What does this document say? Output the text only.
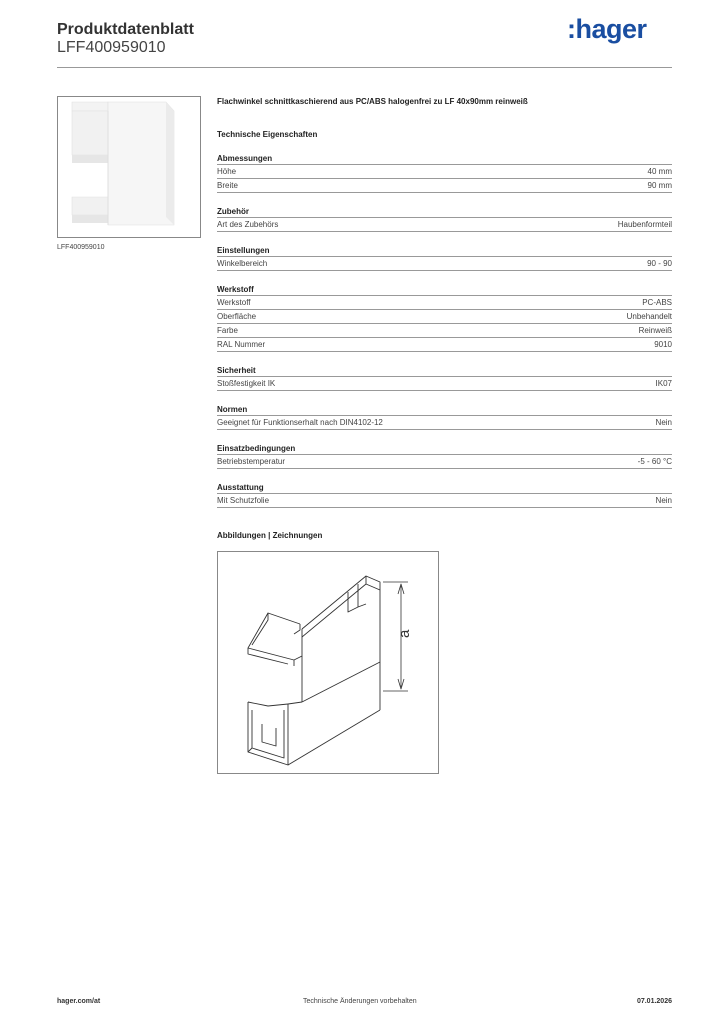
Produktdatenblatt
LFF400959010
:hager
LFF400959010
Flachwinkel schnittkaschierend aus PC/ABS halogenfrei zu LF 40x90mm reinweiß
Technische Eigenschaften
Abmessungen
Höhe	40 mm
Breite	90 mm
Zubehör
Art des Zubehörs	Haubenformteil
Einstellungen
Winkelbereich	90 - 90
Werkstoff
Werkstoff	PC-ABS
Oberfläche	Unbehandelt
Farbe	Reinweiß
RAL Nummer	9010
Sicherheit
Stoßfestigkeit IK	IK07
Normen
Geeignet für Funktionserhalt nach DIN4102-12	Nein
Einsatzbedingungen
Betriebstemperatur	-5 - 60 °C
Ausstattung
Mit Schutzfolie	Nein
Abbildungen | Zeichnungen
a
hager.com/at	Technische Änderungen vorbehalten	07.01.2026
